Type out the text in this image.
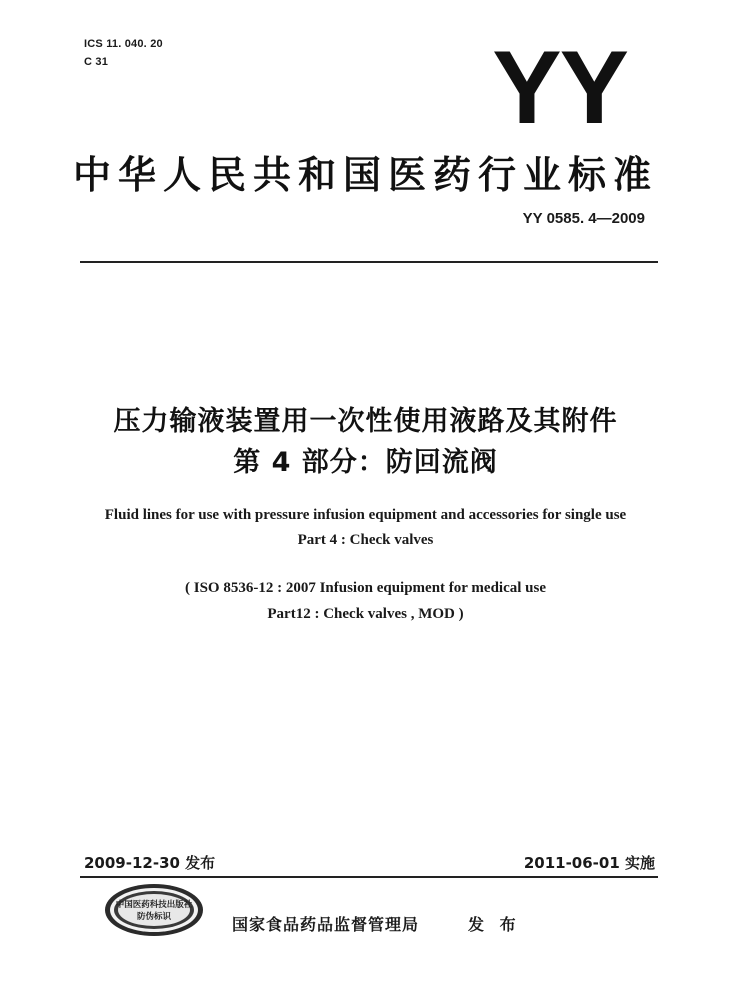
ICS 11. 040. 20
C 31	YY
中华人民共和国医药行业标准
YY 0585. 4—2009
压力输液装置用一次性使用液路及其附件
第 4 部分：防回流阀
Fluid lines for use with pressure infusion equipment and accessories for single use
Part 4 : Check valves
( ISO 8536-12 : 2007 Infusion equipment for medical use
Part12 : Check valves , MOD )
2009-12-30 发布	2011-06-01 实施
中国医药科技出版社
防伪标识	国家食品药品监督管理局	发 布
